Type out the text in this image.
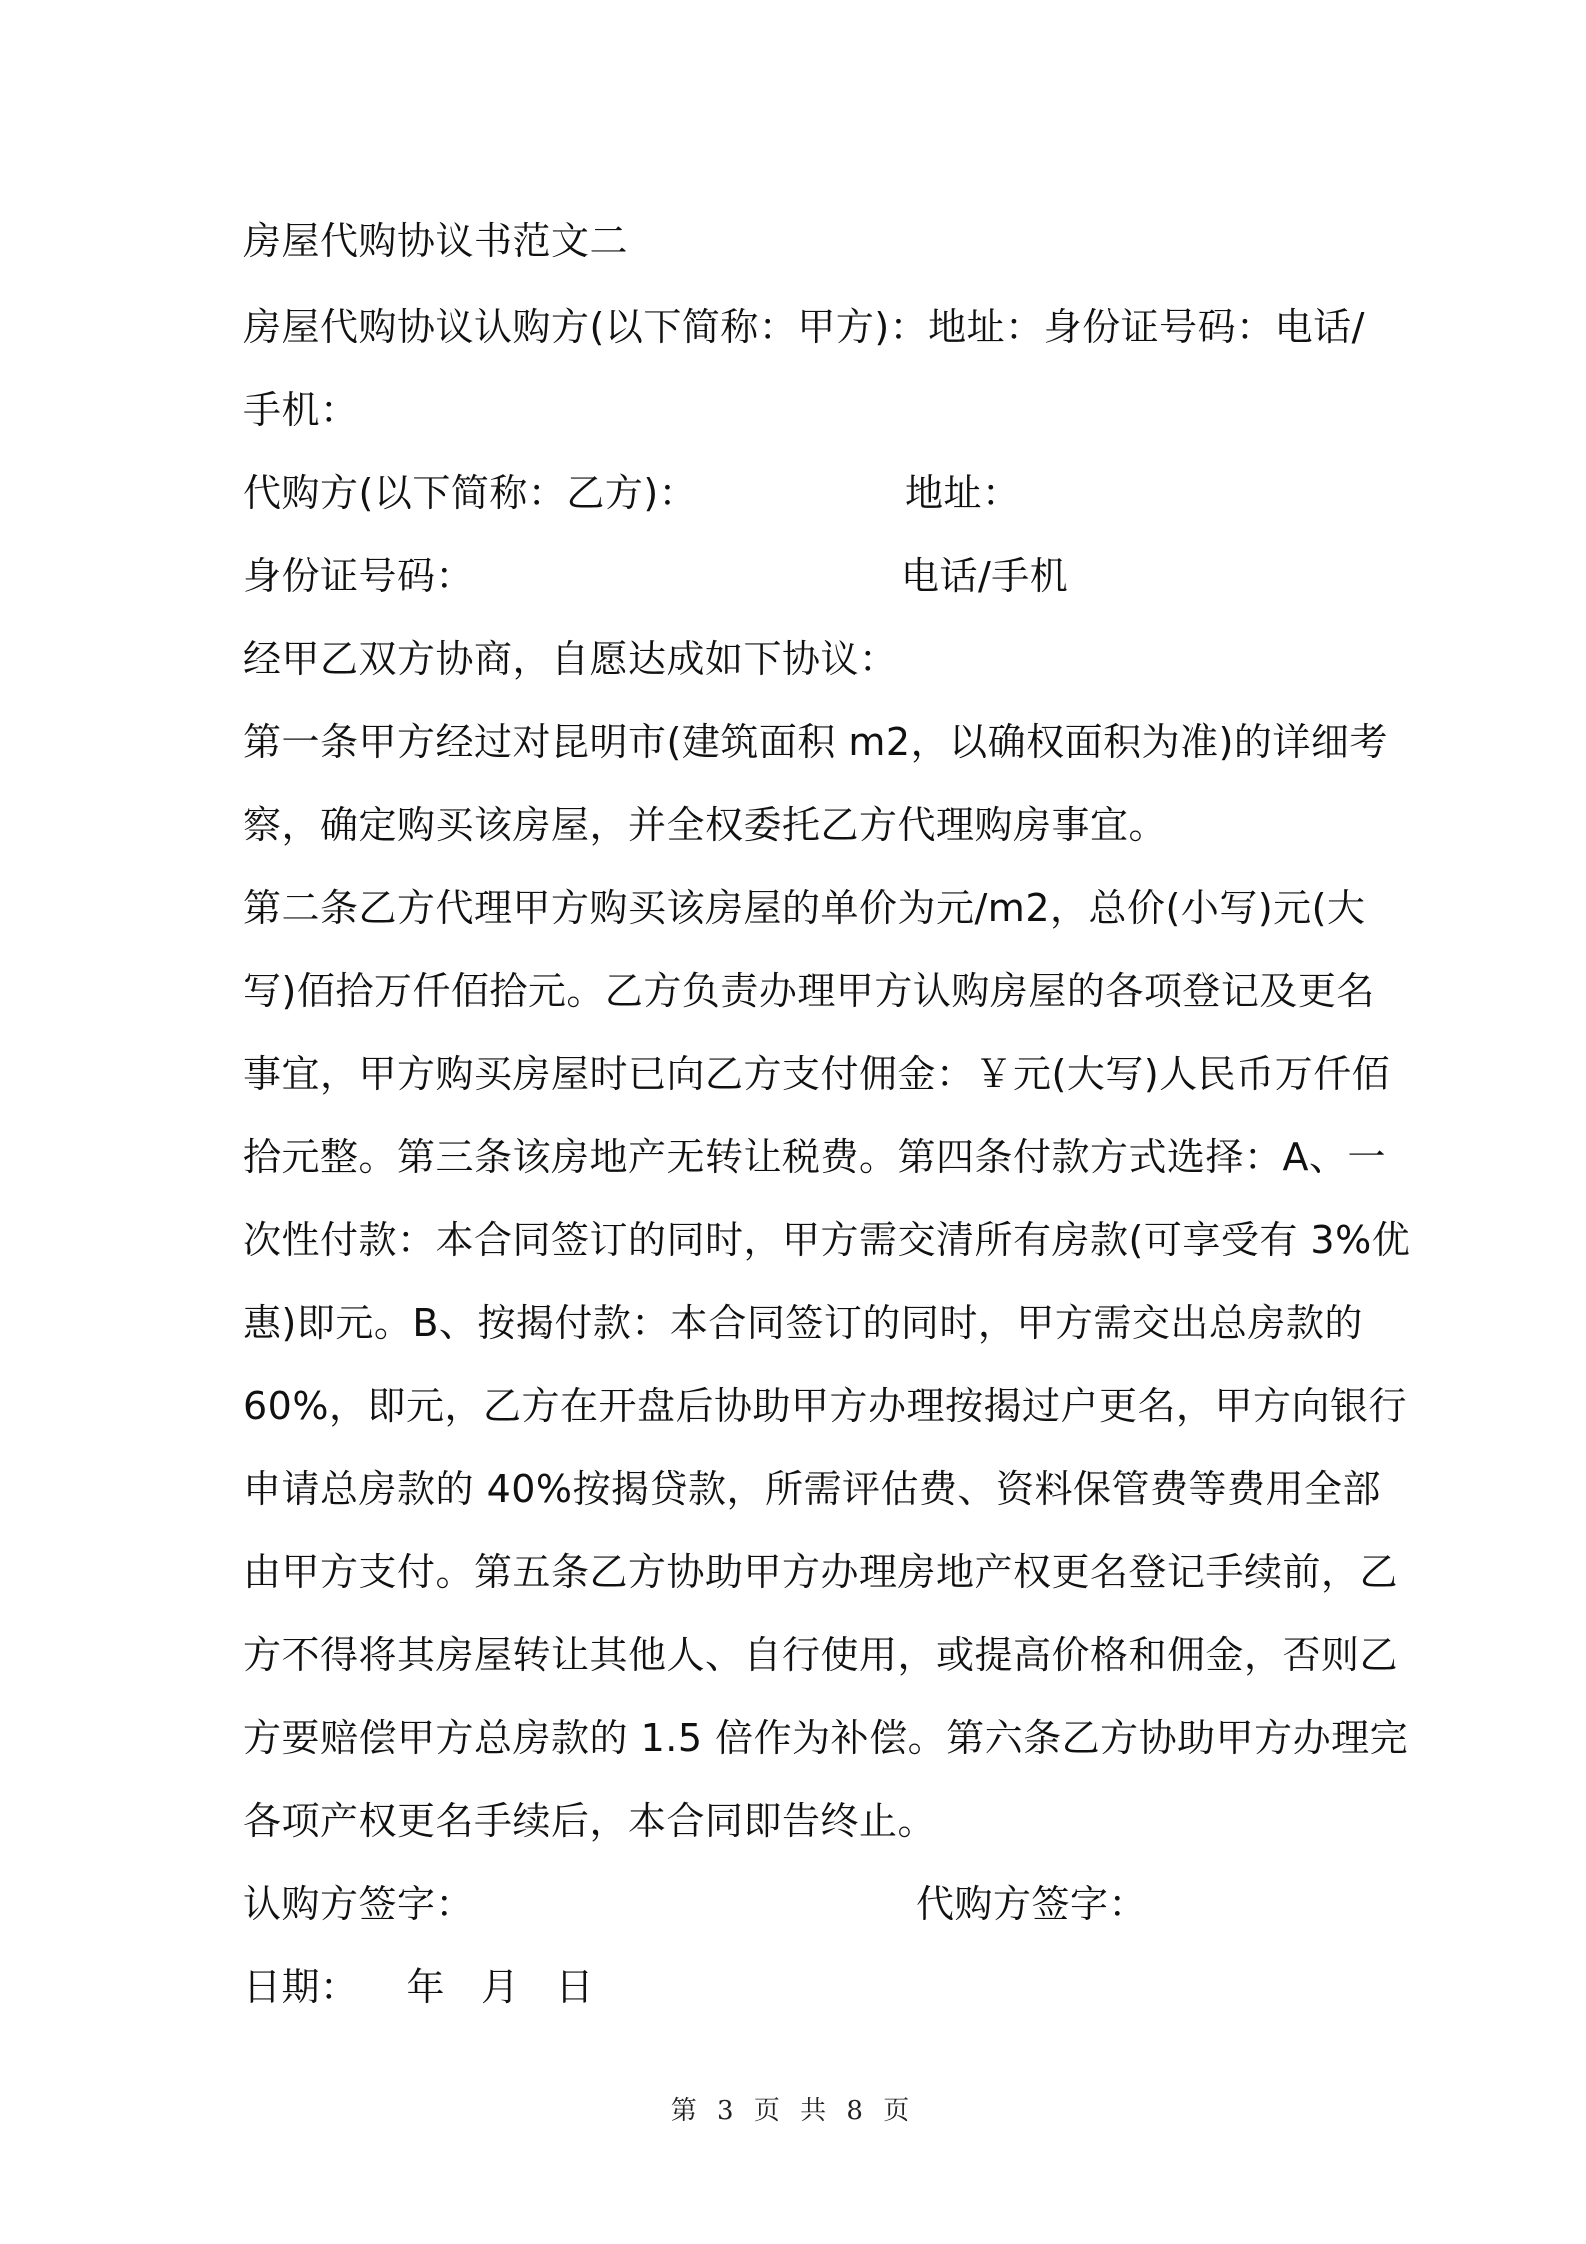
房屋代购协议书范文二
房屋代购协议认购方(以下简称：甲方)：地址：身份证号码：电话/
手机：
代购方(以下简称：乙方)：	地址：
身份证号码：	电话/手机
经甲乙双方协商，自愿达成如下协议：
第一条甲方经过对昆明市(建筑面积 m2，以确权面积为准)的详细考
察，确定购买该房屋，并全权委托乙方代理购房事宜。
第二条乙方代理甲方购买该房屋的单价为元/m2，总价(小写)元(大
写)佰拾万仟佰拾元。乙方负责办理甲方认购房屋的各项登记及更名
事宜，甲方购买房屋时已向乙方支付佣金：￥元(大写)人民币万仟佰
拾元整。第三条该房地产无转让税费。第四条付款方式选择：A、一
次性付款：本合同签订的同时，甲方需交清所有房款(可享受有 3%优
惠)即元。B、按揭付款：本合同签订的同时，甲方需交出总房款的
60%，即元，乙方在开盘后协助甲方办理按揭过户更名，甲方向银行
申请总房款的 40%按揭贷款，所需评估费、资料保管费等费用全部
由甲方支付。第五条乙方协助甲方办理房地产权更名登记手续前，乙
方不得将其房屋转让其他人、自行使用，或提高价格和佣金，否则乙
方要赔偿甲方总房款的 1.5 倍作为补偿。第六条乙方协助甲方办理完
各项产权更名手续后，本合同即告终止。
认购方签字：	代购方签字：
日期： 年 月 日
第 3 页 共 8 页
